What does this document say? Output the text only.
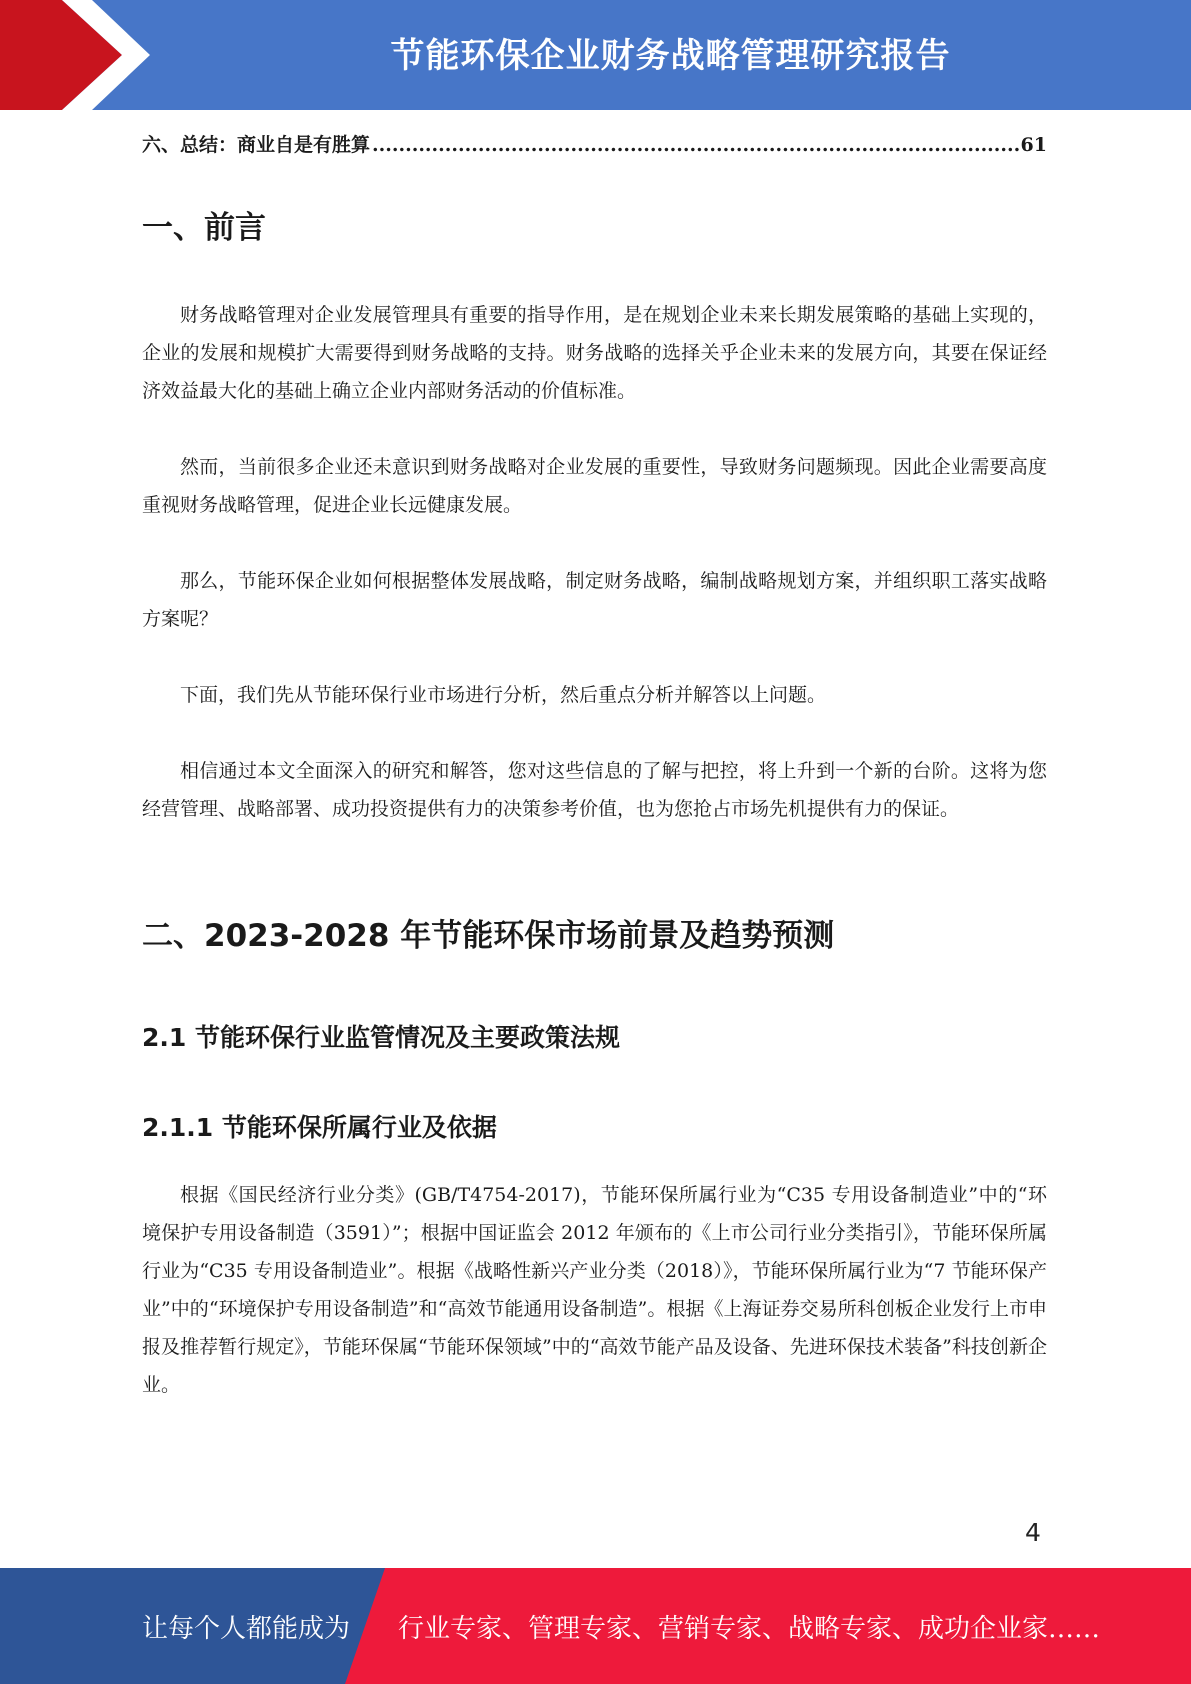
节能环保企业财务战略管理研究报告
六、总结：商业自是有胜算
.....	61
一、前言

财务战略管理对企业发展管理具有重要的指导作用，是在规划企业未来长期发展策略的基础上实现的，企业的发展和规模扩大需要得到财务战略的支持。财务战略的选择关乎企业未来的发展方向，其要在保证经济效益最大化的基础上确立企业内部财务活动的价值标准。

然而，当前很多企业还未意识到财务战略对企业发展的重要性，导致财务问题频现。因此企业需要高度重视财务战略管理，促进企业长远健康发展。

那么，节能环保企业如何根据整体发展战略，制定财务战略，编制战略规划方案，并组织职工落实战略方案呢？

下面，我们先从节能环保行业市场进行分析，然后重点分析并解答以上问题。

相信通过本文全面深入的研究和解答，您对这些信息的了解与把控，将上升到一个新的台阶。这将为您经营管理、战略部署、成功投资提供有力的决策参考价值，也为您抢占市场先机提供有力的保证。

二、2023-2028 年节能环保市场前景及趋势预测
2.1 节能环保行业监管情况及主要政策法规
2.1.1 节能环保所属行业及依据

根据《国民经济行业分类》(GB/T4754-2017)，节能环保所属行业为“C35 专用设备制造业”中的“环境保护专用设备制造（3591）”；根据中国证监会 2012 年颁布的《上市公司行业分类指引》，节能环保所属行业为“C35 专用设备制造业”。根据《战略性新兴产业分类（2018）》，节能环保所属行业为“7 节能环保产业”中的“环境保护专用设备制造”和“高效节能通用设备制造”。根据《上海证券交易所科创板企业发行上市申报及推荐暂行规定》，节能环保属“节能环保领域”中的“高效节能产品及设备、先进环保技术装备”科技创新企业。

4
让每个人都能成为 行业专家、管理专家、营销专家、战略专家、成功企业家……
